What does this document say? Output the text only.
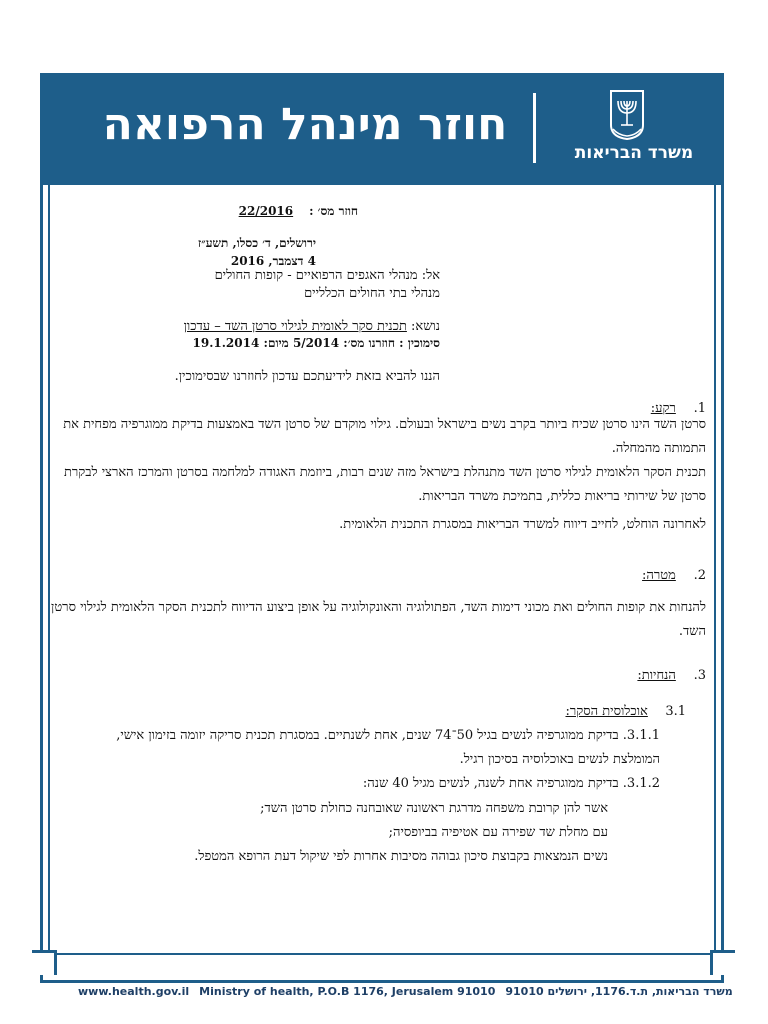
חוזר מינהל הרפואה
משרד הבריאות
חוזר מס׳ : 22/2016
ירושלים, ד׳ כסלו, תשע״ז
4 דצמבר, 2016
אל: מנהלי האגפים הרפואיים - קופות החולים
מנהלי בתי החולים הכלליים
נושא: תכנית סקר לאומית לגילוי סרטן השד – עדכון
סימוכין : חוזרנו מס׳: 5/2014 מיום: 19.1.2014
הננו להביא בזאת לידיעתכם עדכון לחוזרנו שבסימוכין.
1. רקע:
סרטן השד הינו סרטן שכיח ביותר בקרב נשים בישראל ובעולם. גילוי מוקדם של סרטן השד באמצעות בדיקת ממוגרפיה מפחית את התמותה מהמחלה.
תכנית הסקר הלאומית לגילוי סרטן השד מתנהלת בישראל מזה שנים רבות, ביוזמת האגודה למלחמה בסרטן והמרכז הארצי לבקרת סרטן של שירותי בריאות כללית, בתמיכת משרד הבריאות.
לאחרונה הוחלט, לחייב דיווח למשרד הבריאות במסגרת התכנית הלאומית.
2. מטרה:
להנחות את קופות החולים ואת מכוני דימות השד, הפתולוגיה והאונקולוגיה על אופן ביצוע הדיווח לתכנית הסקר הלאומית לגילוי סרטן השד.
3. הנחיות:
3.1 אוכלוסית הסקר:
3.1.1. בדיקת ממוגרפיה לנשים בגיל 50־74 שנים, אחת לשנתיים. במסגרת תכנית סריקה יזומה בזימון אישי, המומלצת לנשים באוכלוסיה בסיכון רגיל.
3.1.2. בדיקת ממוגרפיה אחת לשנה, לנשים מגיל 40 שנה:
אשר להן קרובת משפחה מדרגת ראשונה שאובחנה כחולת סרטן השד;
עם מחלת שד שפירה עם אטיפיה בביופסיה;
נשים הנמצאות בקבוצת סיכון גבוהה מסיבות אחרות לפי שיקול דעת הרופא המטפל.
www.health.gov.il Ministry of health, P.O.B 1176, Jerusalem 91010 משרד הבריאות, ת.ד.1176, ירושלים 91010
